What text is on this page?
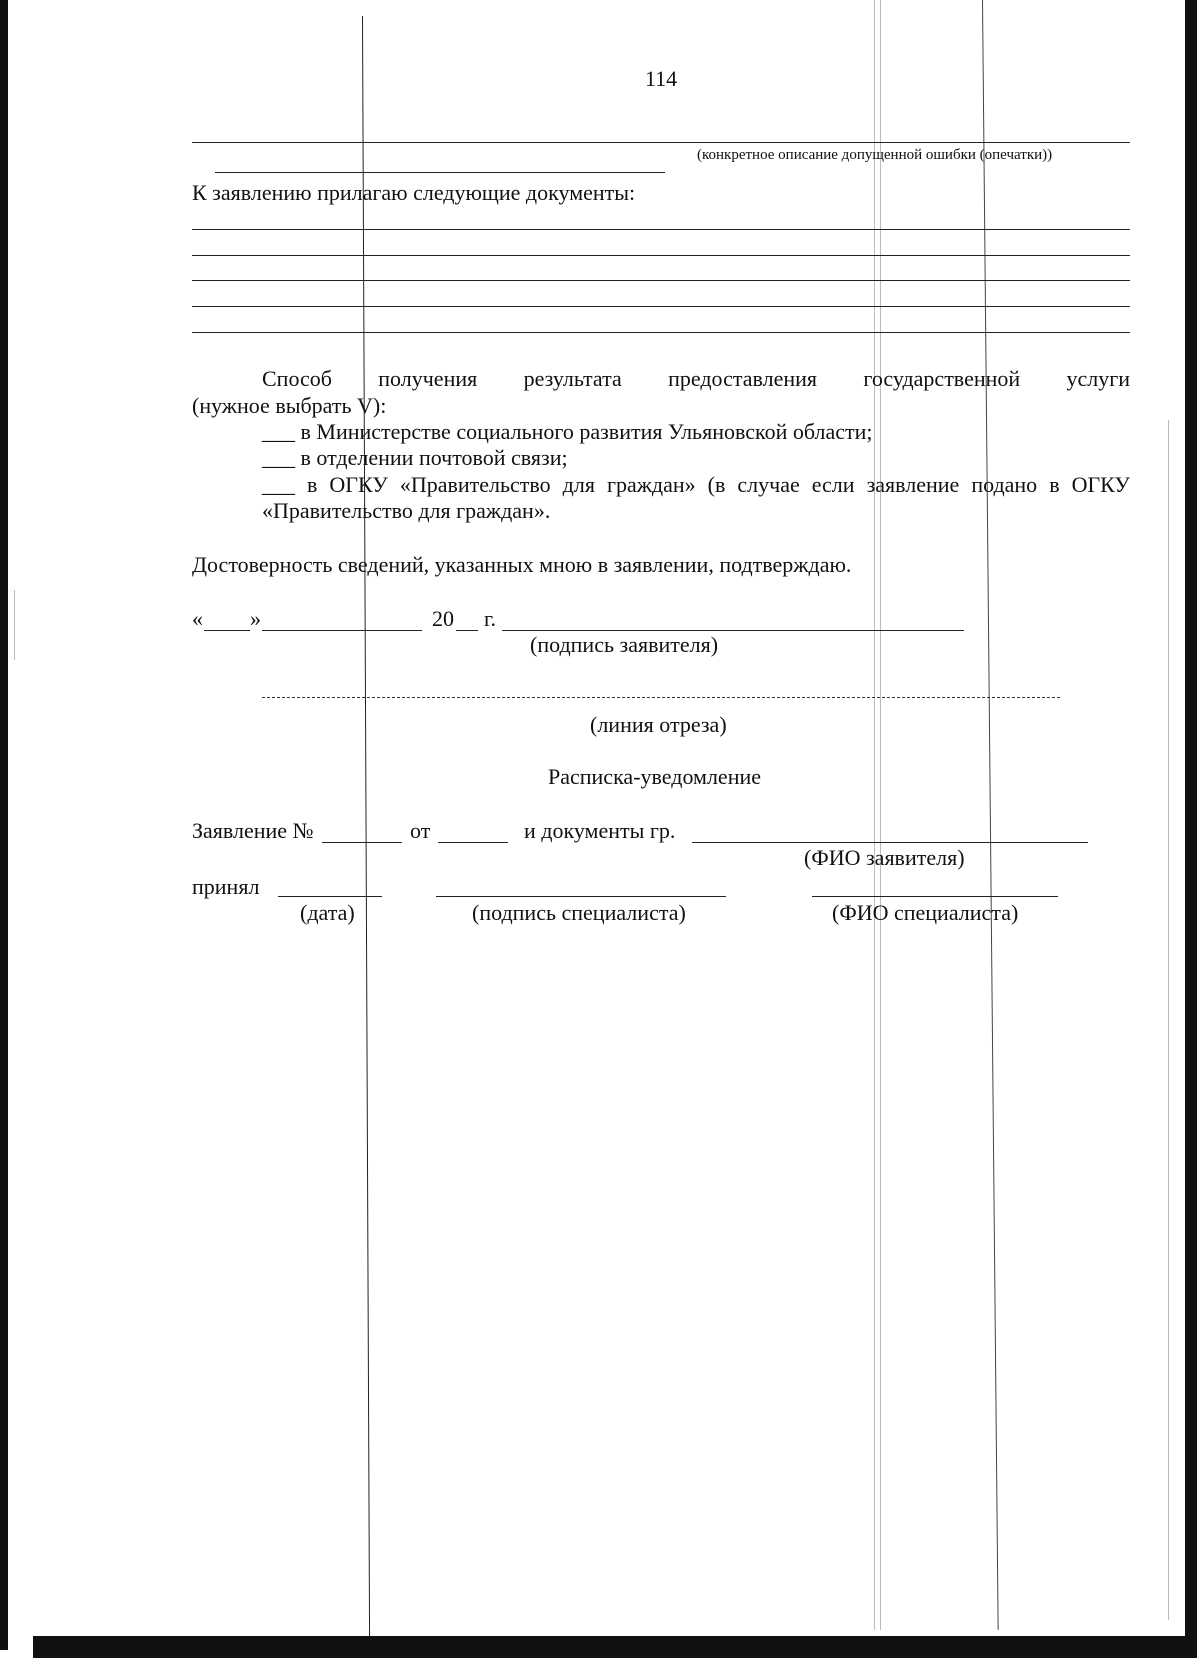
114
(конкретное описание допущенной ошибки (опечатки))
К заявлению прилагаю следующие документы:
Способ получения результата предоставления государственной услуги
(нужное выбрать V):
___ в Министерстве социального развития Ульяновской области;
___ в отделении почтовой связи;
___ в ОГКУ «Правительство для граждан» (в случае если заявление подано в ОГКУ
«Правительство для граждан».
Достоверность сведений, указанных мною в заявлении, подтверждаю.
« »	20 г.
(подпись заявителя)
(линия отреза)
Расписка-уведомление
Заявление №	от	и документы гр.
(ФИО заявителя)
принял
(дата)	(подпись специалиста)	(ФИО специалиста)
